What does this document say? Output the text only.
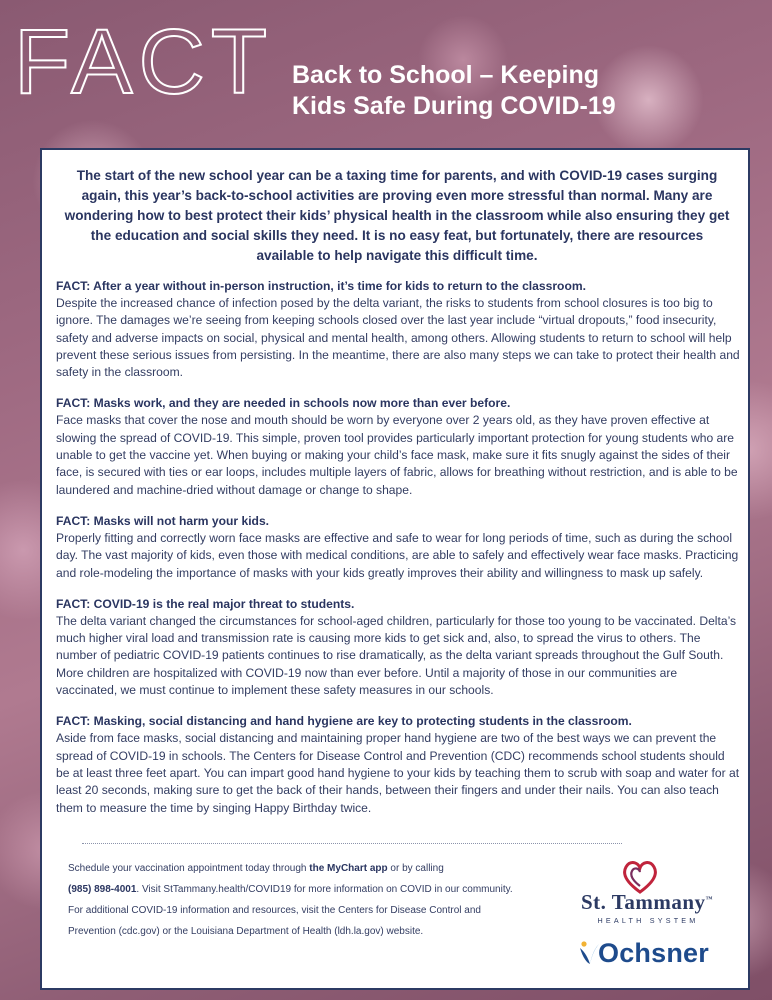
FACT Back to School – Keeping
Kids Safe During COVID-19

The start of the new school year can be a taxing time for parents, and with COVID-19 cases surging again, this year’s back-to-school activities are proving even more stressful than normal. Many are wondering how to best protect their kids’ physical health in the classroom while also ensuring they get the education and social skills they need. It is no easy feat, but fortunately, there are resources available to help navigate this difficult time.

FACT: After a year without in-person instruction, it’s time for kids to return to the classroom.
Despite the increased chance of infection posed by the delta variant, the risks to students from school closures is too big to ignore. The damages we’re seeing from keeping schools closed over the last year include “virtual dropouts,” food insecurity, safety and adverse impacts on social, physical and mental health, among others. Allowing students to return to school will help prevent these serious issues from persisting. In the meantime, there are also many steps we can take to protect their health and safety in the classroom.
FACT: Masks work, and they are needed in schools now more than ever before.
Face masks that cover the nose and mouth should be worn by everyone over 2 years old, as they have proven effective at slowing the spread of COVID-19. This simple, proven tool provides particularly important protection for young students who are unable to get the vaccine yet. When buying or making your child’s face mask, make sure it fits snugly against the sides of their face, is secured with ties or ear loops, includes multiple layers of fabric, allows for breathing without restriction, and is able to be laundered and machine-dried without damage or change to shape.
FACT: Masks will not harm your kids.
Properly fitting and correctly worn face masks are effective and safe to wear for long periods of time, such as during the school day. The vast majority of kids, even those with medical conditions, are able to safely and effectively wear face masks. Practicing and role-modeling the importance of masks with your kids greatly improves their ability and willingness to mask up safely.
FACT: COVID-19 is the real major threat to students.
The delta variant changed the circumstances for school-aged children, particularly for those too young to be vaccinated. Delta’s much higher viral load and transmission rate is causing more kids to get sick and, also, to spread the virus to others. The number of pediatric COVID-19 patients continues to rise dramatically, as the delta variant spreads throughout the Gulf South. More children are hospitalized with COVID-19 now than ever before. Until a majority of those in our communities are vaccinated, we must continue to implement these safety measures in our schools.
FACT: Masking, social distancing and hand hygiene are key to protecting students in the classroom.
Aside from face masks, social distancing and maintaining proper hand hygiene are two of the best ways we can prevent the spread of COVID-19 in schools. The Centers for Disease Control and Prevention (CDC) recommends school students should be at least three feet apart. You can impart good hand hygiene to your kids by teaching them to scrub with soap and water for at least 20 seconds, making sure to get the back of their hands, between their fingers and under their nails. You can also teach them to measure the time by singing Happy Birthday twice.

Schedule your vaccination appointment today through the MyChart app or by calling

(985) 898-4001. Visit StTammany.health/COVID19 for more information on COVID in our community.

For additional COVID-19 information and resources, visit the Centers for Disease Control and

Prevention (cdc.gov) or the Louisiana Department of Health (ldh.la.gov) website.

St. Tammany™
HEALTH SYSTEM
Ochsner
